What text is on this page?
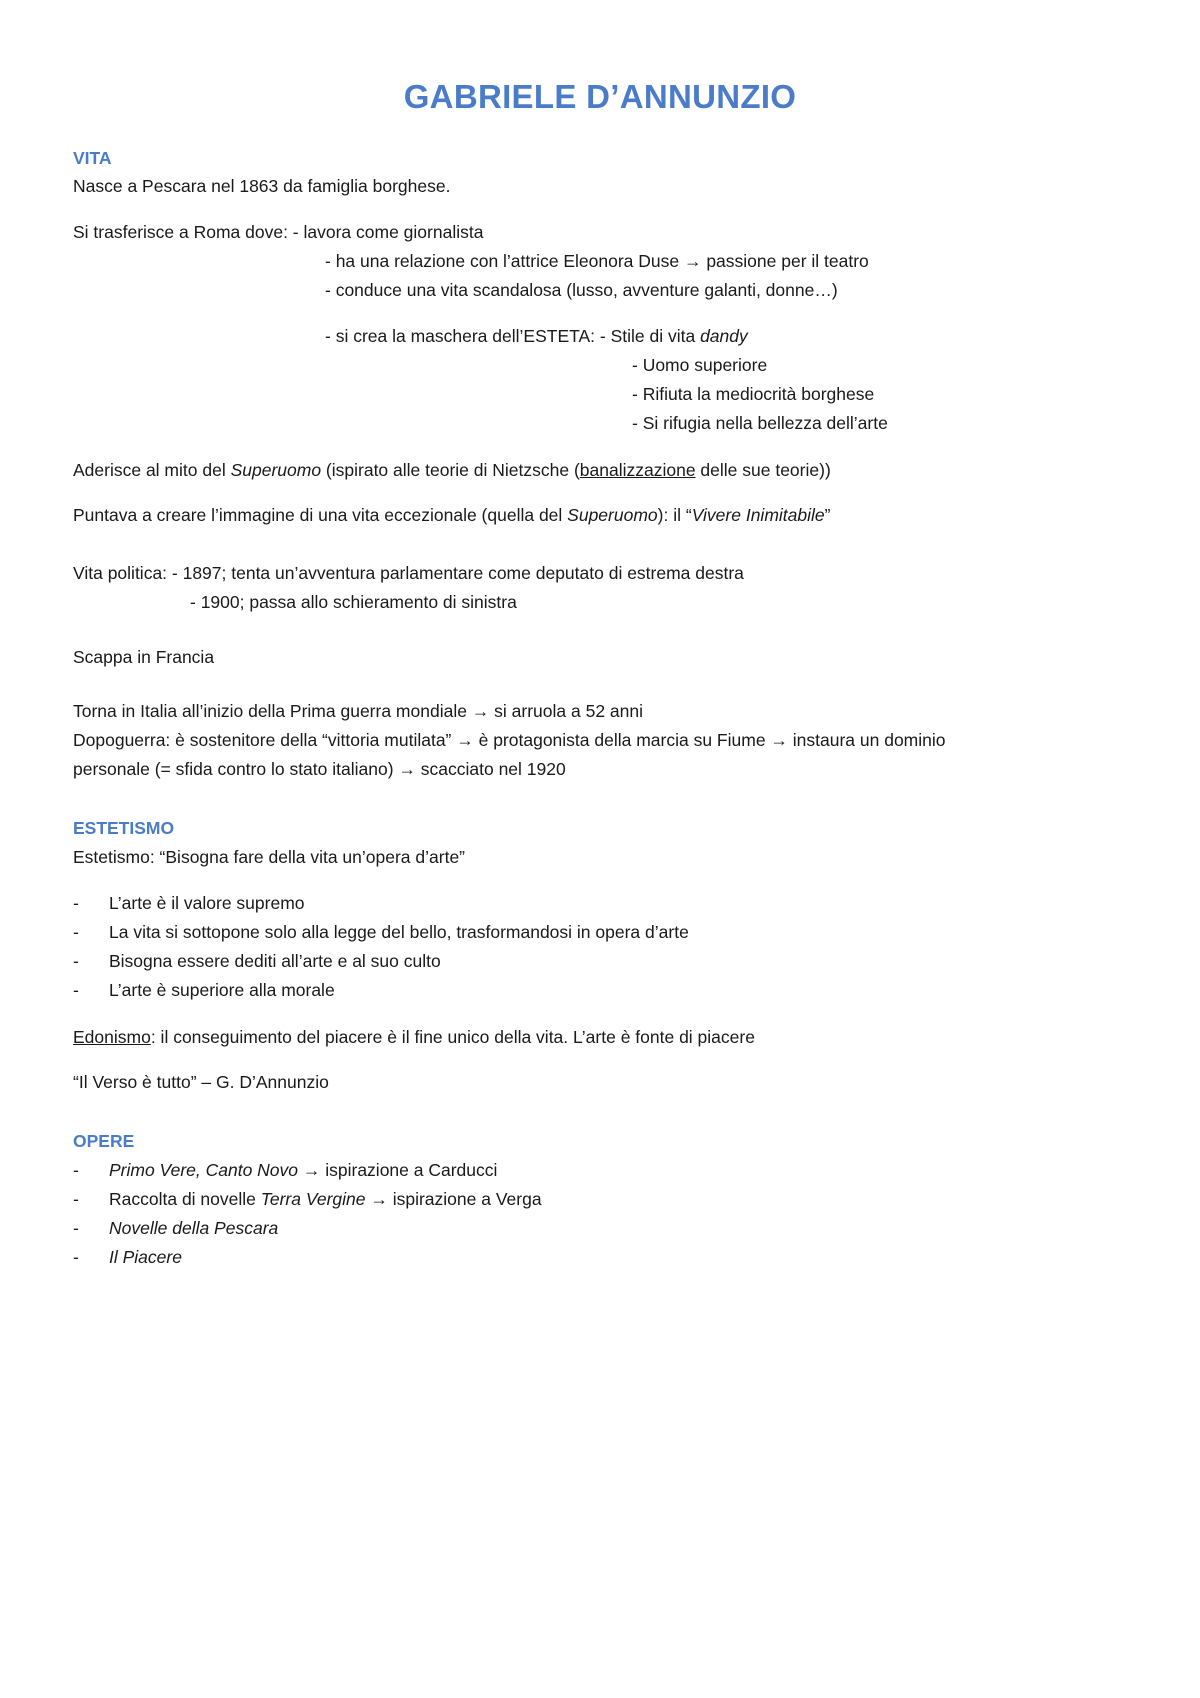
GABRIELE D’ANNUNZIO
VITA
Nasce a Pescara nel 1863 da famiglia borghese.
Si trasferisce a Roma dove: - lavora come giornalista
- ha una relazione con l’attrice Eleonora Duse → passione per il teatro
- conduce una vita scandalosa (lusso, avventure galanti, donne…)
- si crea la maschera dell’ESTETA: - Stile di vita dandy
- Uomo superiore
- Rifiuta la mediocrità borghese
- Si rifugia nella bellezza dell’arte
Aderisce al mito del Superuomo (ispirato alle teorie di Nietzsche (banalizzazione delle sue teorie))
Puntava a creare l’immagine di una vita eccezionale (quella del Superuomo): il “Vivere Inimitabile”
Vita politica: - 1897; tenta un’avventura parlamentare come deputato di estrema destra
- 1900; passa allo schieramento di sinistra
Scappa in Francia
Torna in Italia all’inizio della Prima guerra mondiale → si arruola a 52 anni
Dopoguerra: è sostenitore della “vittoria mutilata” → è protagonista della marcia su Fiume → instaura un dominio
personale (= sfida contro lo stato italiano) → scacciato nel 1920
ESTETISMO
Estetismo: “Bisogna fare della vita un’opera d’arte”
- L’arte è il valore supremo
- La vita si sottopone solo alla legge del bello, trasformandosi in opera d’arte
- Bisogna essere dediti all’arte e al suo culto
- L’arte è superiore alla morale
Edonismo: il conseguimento del piacere è il fine unico della vita. L’arte è fonte di piacere
“Il Verso è tutto” – G. D’Annunzio
OPERE
- Primo Vere, Canto Novo → ispirazione a Carducci
- Raccolta di novelle Terra Vergine → ispirazione a Verga
- Novelle della Pescara
- Il Piacere
